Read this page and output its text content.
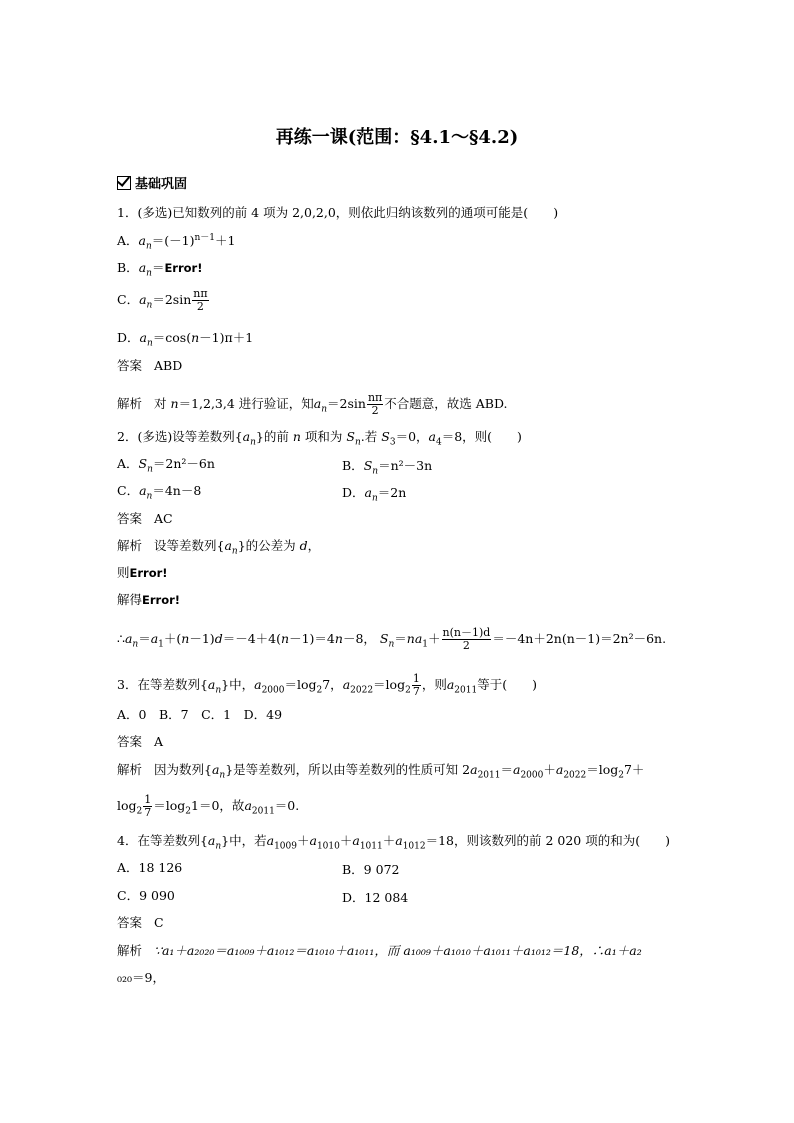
再练一课(范围：§4.1～§4.2)
基础巩固
1．(多选)已知数列的前 4 项为 2,0,2,0，则依此归纳该数列的通项可能是(　　)
A．$a_n=(-1)^{n-1}+1$
B．$a_n=Error$!
C．$a_n=2\sin \frac{n\pi}{2}$
D．$a_n=\cos(n-1)\pi+1$
答案 ABD
解析 对 n＝1,2,3,4 进行验证，知$a_n=2\sin \frac{n\pi}{2}$ 不合题意，故选 ABD.
2．(多选)设等差数列$\{a_n\}$的前 n 项和为 $S_n$.若 $S_3=0$，$a_4=8$，则(　　)
A．$S_n=2n^2-6n$	B．$S_n=n^2-3n$
C．$a_n=4n-8$	D．$a_n=2n$
答案 AC
解析 设等差数列$\{a_n\}$的公差为 d，
则Error!
解得Error!
$\therefore a_n=a_1+(n-1)d=-4+4(n-1)=4n-8$， $S_n=na_1+ \frac{n(n-1)d}{2} =-4n+2n(n-1)=2n^2-6n$.
3．在等差数列$\{a_n\}$中，$a_{2000}=\log_27$，$a_{2022}=\log_2 \frac{1}{7}$ ，则$a_{2011}$等于(　　)
A．0　B．7　C．1　D．49
答案 A
解析 因为数列$\{a_n\}$是等差数列，所以由等差数列的性质可知 $2a_{2011}=a_{2000}+a_{2022}=\log_27+$
$\log_2 \frac{1}{7} =\log_21=0$，故$a_{2011}=0$.
4．在等差数列$\{a_n\}$中，若$a_{1009}+a_{1010}+a_{1011}+a_{1012}=18$，则该数列的前 2 020 项的和为(　　)
A．18 126	B．9 072
C．9 090	D．12 084
答案 C
解析 ∵a₁＋a₂₀₂₀＝a₁₀₀₉＋a₁₀₁₂＝a₁₀₁₀＋a₁₀₁₁，而 a₁₀₀₉＋a₁₀₁₀＋a₁₀₁₁＋a₁₀₁₂＝18，∴a₁＋a₂
₀₂₀＝9，
